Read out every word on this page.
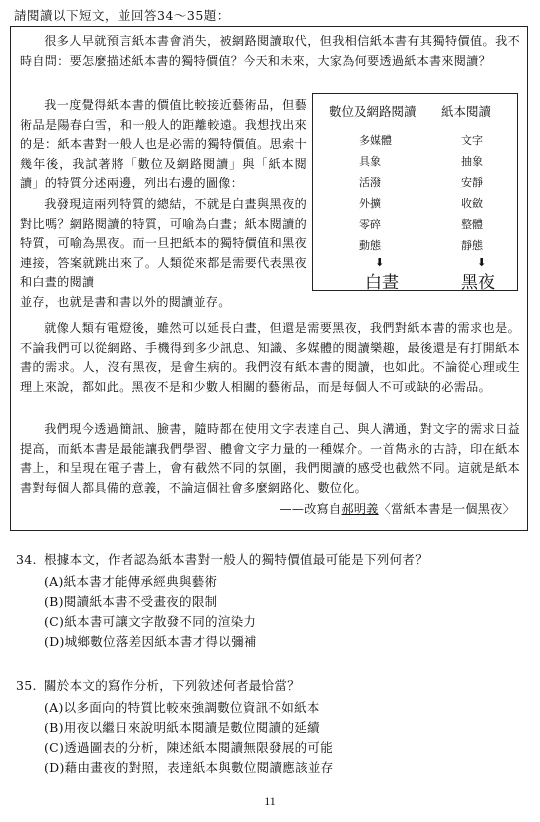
請閱讀以下短文，並回答34～35題：

很多人早就預言紙本書會消失，被網路閱讀取代，但我相信紙本書有其獨特價值。我不時自問：要怎麼描述紙本書的獨特價值？今天和未來，大家為何要透過紙本書來閱讀？

我一度覺得紙本書的價值比較接近藝術品，但藝術品是陽春白雪，和一般人的距離較遠。我想找出來的是：紙本書對一般人也是必需的獨特價值。思索十幾年後，我試著將「數位及網路閱讀」與「紙本閱讀」的特質分述兩邊，列出右邊的圖像：

我發現這兩列特質的總結，不就是白晝與黑夜的對比嗎？網路閱讀的特質，可喻為白晝；紙本閱讀的特質，可喻為黑夜。而一旦把紙本的獨特價值和黑夜連接，答案就跳出來了。人類從來都是需要代表黑夜和白晝的閱讀

並存，也就是書和書以外的閱讀並存。

就像人類有電燈後，雖然可以延長白晝，但還是需要黑夜，我們對紙本書的需求也是。不論我們可以從網路、手機得到多少訊息、知識、多媒體的閱讀樂趣，最後還是有打開紙本書的需求。人，沒有黑夜，是會生病的。我們沒有紙本書的閱讀，也如此。不論從心理或生理上來說，都如此。黑夜不是和少數人相關的藝術品，而是每個人不可或缺的必需品。

我們現今透過簡訊、臉書，隨時都在使用文字表達自己、與人溝通，對文字的需求日益提高，而紙本書是最能讓我們學習、體會文字力量的一種媒介。一首雋永的古詩，印在紙本書上，和呈現在電子書上，會有截然不同的氛圍，我們閱讀的感受也截然不同。這就是紙本書對每個人都具備的意義，不論這個社會多麼網路化、數位化。

——改寫自郝明義〈當紙本書是一個黑夜〉
數位及網路閱讀 紙本閱讀
多媒體
具象
活潑
外擴
零碎
動態
文字
抽象
安靜
收斂
整體
靜態
⬇	⬇
白晝	黑夜
34. 根據本文，作者認為紙本書對一般人的獨特價值最可能是下列何者？
(A)紙本書才能傳承經典與藝術
(B)閱讀紙本書不受畫夜的限制
(C)紙本書可讓文字散發不同的渲染力
(D)城鄉數位落差因紙本書才得以彌補
35. 關於本文的寫作分析，下列敘述何者最恰當？
(A)以多面向的特質比較來強調數位資訊不如紙本
(B)用夜以繼日來說明紙本閱讀是數位閱讀的延續
(C)透過圖表的分析，陳述紙本閱讀無限發展的可能
(D)藉由畫夜的對照，表達紙本與數位閱讀應該並存
11
